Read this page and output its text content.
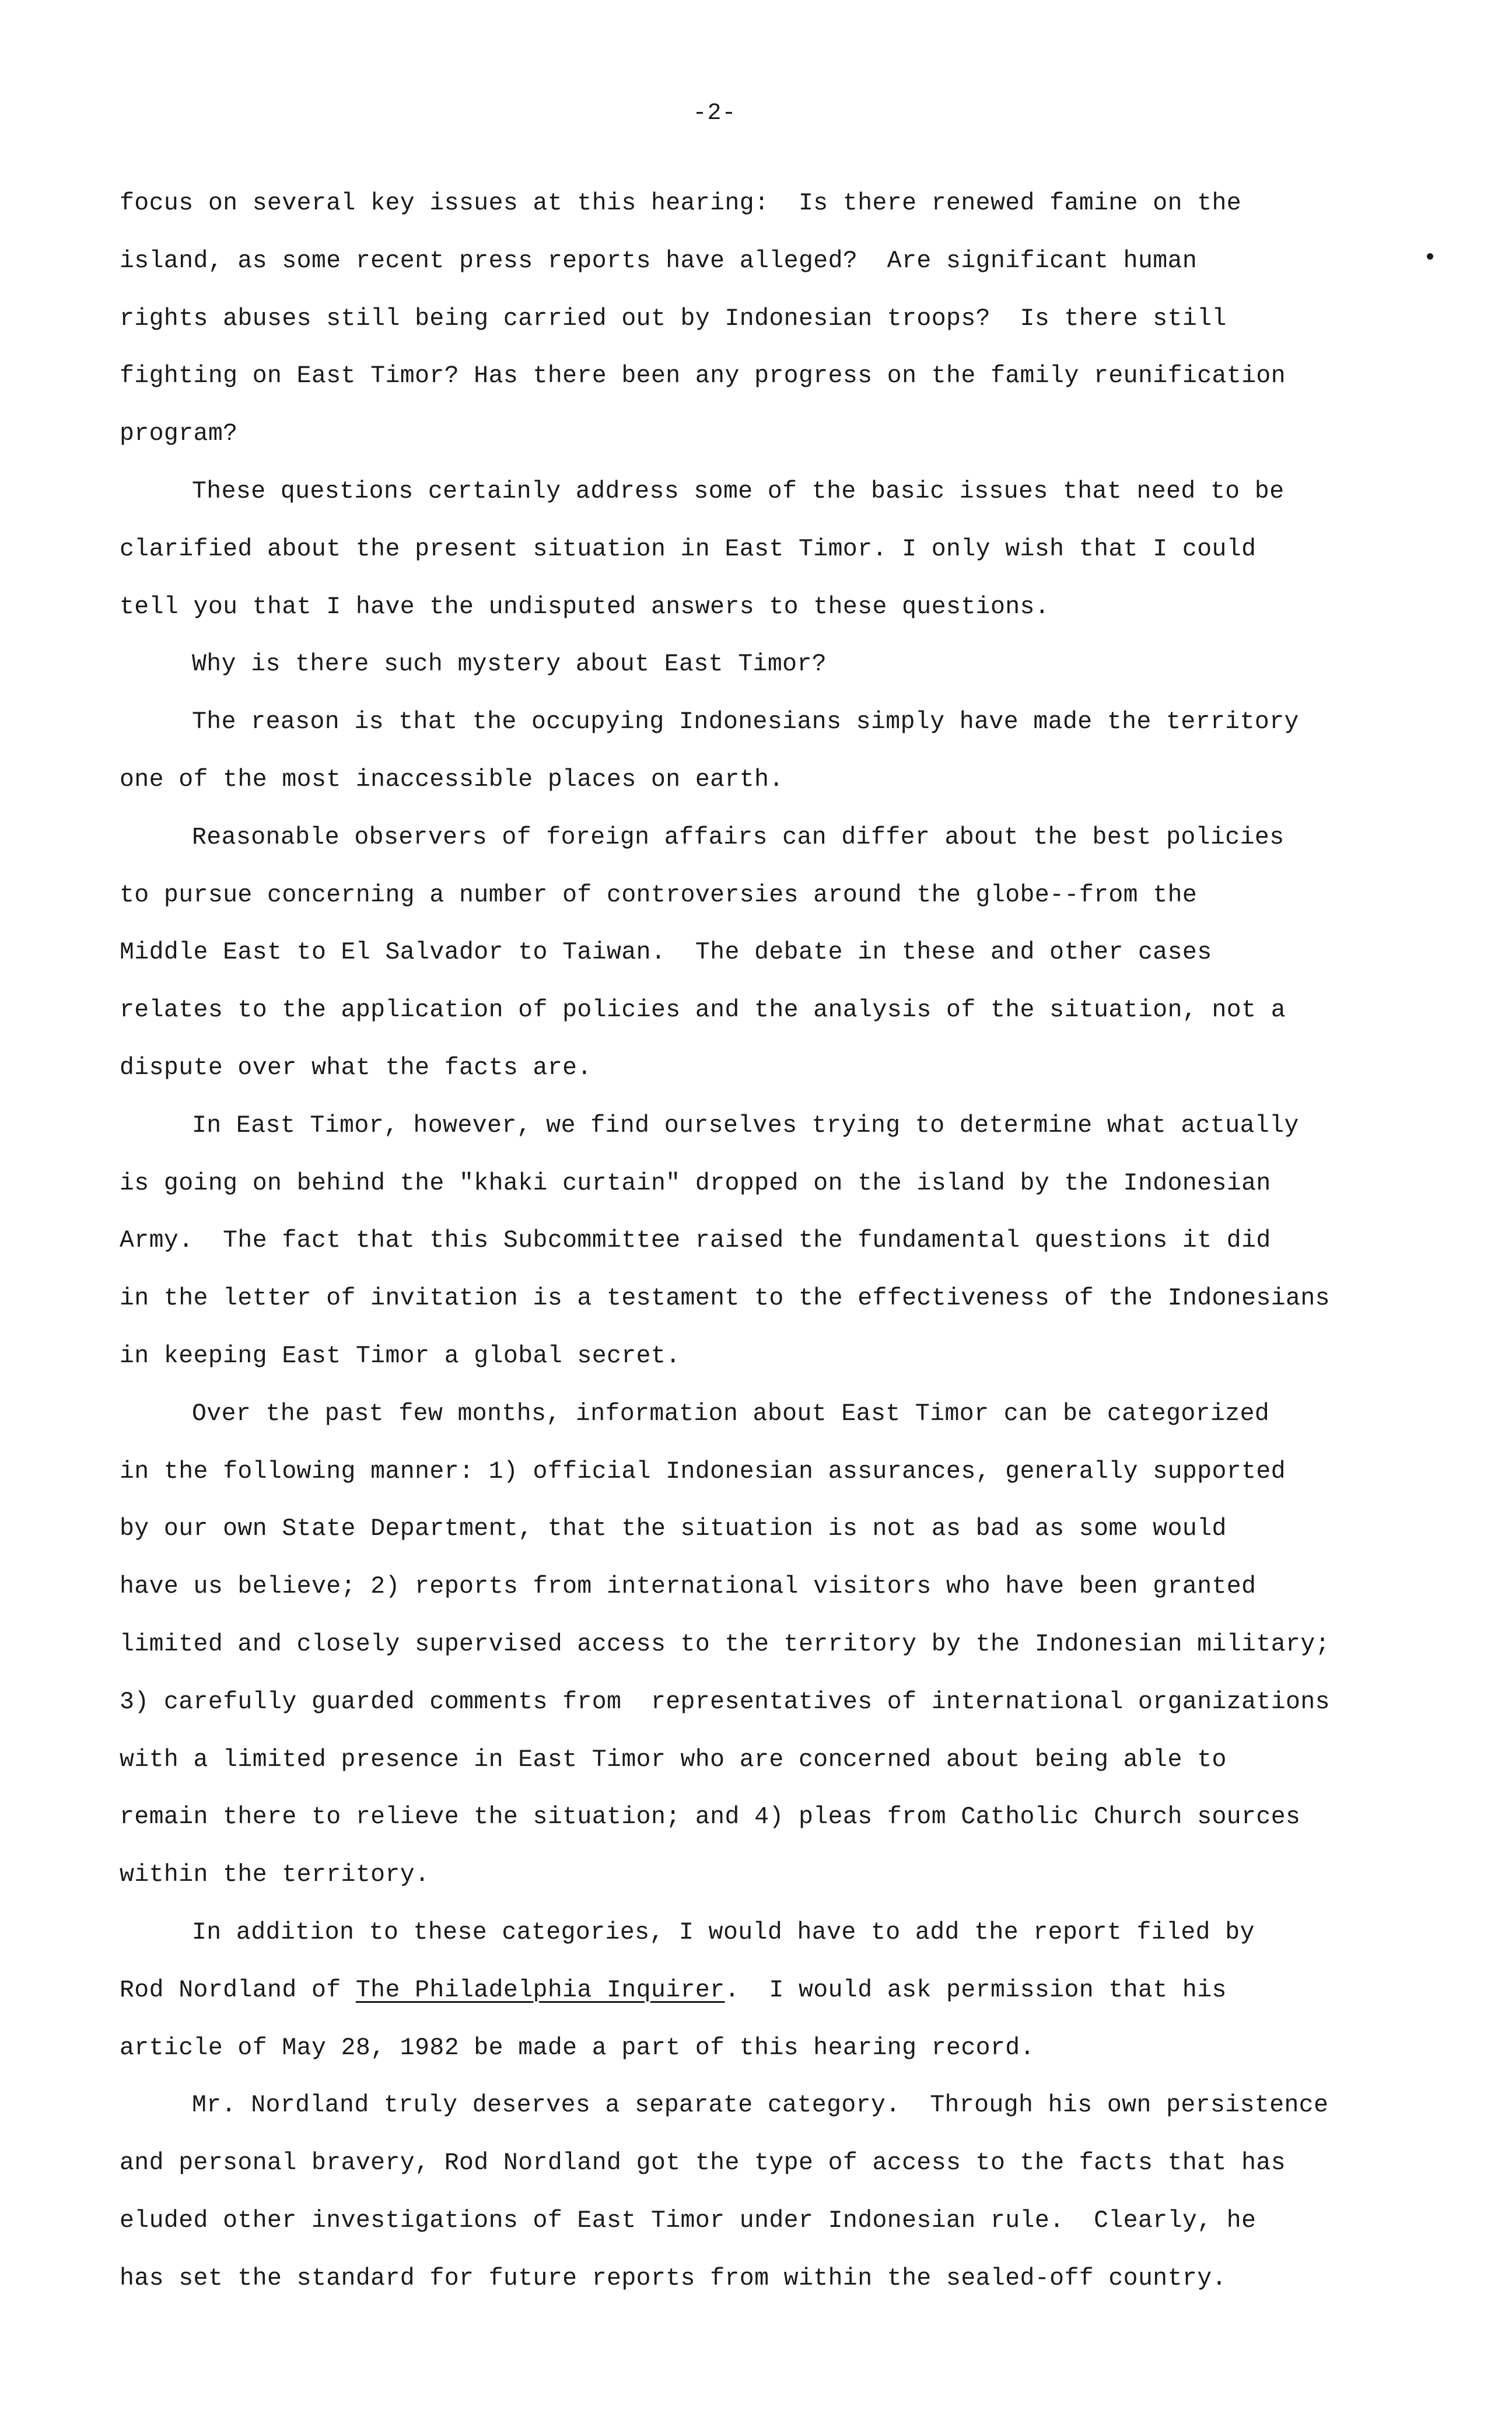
-2-
focus on several key issues at this hearing:  Is there renewed famine on the
island, as some recent press reports have alleged?  Are significant human
rights abuses still being carried out by Indonesian troops?  Is there still
fighting on East Timor? Has there been any progress on the family reunification
program?
These questions certainly address some of the basic issues that need to be
clarified about the present situation in East Timor. I only wish that I could
tell you that I have the undisputed answers to these questions.
Why is there such mystery about East Timor?
The reason is that the occupying Indonesians simply have made the territory
one of the most inaccessible places on earth.
Reasonable observers of foreign affairs can differ about the best policies
to pursue concerning a number of controversies around the globe--from the
Middle East to El Salvador to Taiwan.  The debate in these and other cases
relates to the application of policies and the analysis of the situation, not a
dispute over what the facts are.
In East Timor, however, we find ourselves trying to determine what actually
is going on behind the "khaki curtain" dropped on the island by the Indonesian
Army.  The fact that this Subcommittee raised the fundamental questions it did
in the letter of invitation is a testament to the effectiveness of the Indonesians
in keeping East Timor a global secret.
Over the past few months, information about East Timor can be categorized
in the following manner: 1) official Indonesian assurances, generally supported
by our own State Department, that the situation is not as bad as some would
have us believe; 2) reports from international visitors who have been granted
limited and closely supervised access to the territory by the Indonesian military;
3) carefully guarded comments from  representatives of international organizations
with a limited presence in East Timor who are concerned about being able to
remain there to relieve the situation; and 4) pleas from Catholic Church sources
within the territory.
In addition to these categories, I would have to add the report filed by
Rod Nordland of The Philadelphia Inquirer.  I would ask permission that his
article of May 28, 1982 be made a part of this hearing record.
Mr. Nordland truly deserves a separate category.  Through his own persistence
and personal bravery, Rod Nordland got the type of access to the facts that has
eluded other investigations of East Timor under Indonesian rule.  Clearly, he
has set the standard for future reports from within the sealed-off country.
